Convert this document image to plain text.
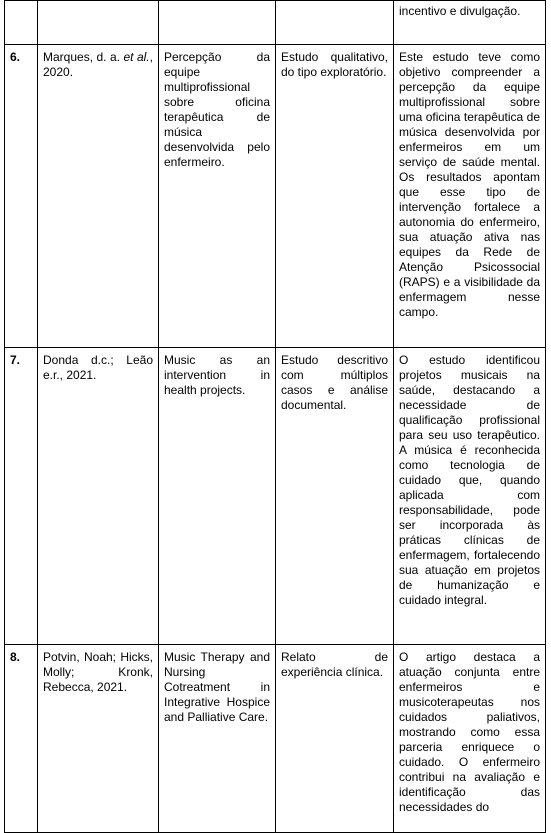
				incentivo e divulgação.
6.	Marques, d. a. et al., 2020.	Percepção da equipe multiprofissional sobre oficina terapêutica de música desenvolvida pelo enfermeiro.	Estudo qualitativo, do tipo exploratório.	Este estudo teve como objetivo compreender a percepção da equipe multiprofissional sobre uma oficina terapêutica de música desenvolvida por enfermeiros em um serviço de saúde mental. Os resultados apontam que esse tipo de intervenção fortalece a autonomia do enfermeiro, sua atuação ativa nas equipes da Rede de Atenção Psicossocial (RAPS) e a visibilidade da enfermagem nesse campo.
7.	Donda d.c.; Leão e.r., 2021.	Music as an intervention in health projects.	Estudo descritivo com múltiplos casos e análise documental.	O estudo identificou projetos musicais na saúde, destacando a necessidade de qualificação profissional para seu uso terapêutico. A música é reconhecida como tecnologia de cuidado que, quando aplicada com responsabilidade, pode ser incorporada às práticas clínicas de enfermagem, fortalecendo sua atuação em projetos de humanização e cuidado integral.
8.	Potvin, Noah; Hicks, Molly; Kronk, Rebecca, 2021.	Music Therapy and Nursing Cotreatment in Integrative Hospice and Palliative Care.	Relato de experiência clínica.	O artigo destaca a atuação conjunta entre enfermeiros e musicoterapeutas nos cuidados paliativos, mostrando como essa parceria enriquece o cuidado. O enfermeiro contribui na avaliação e identificação das necessidades do
